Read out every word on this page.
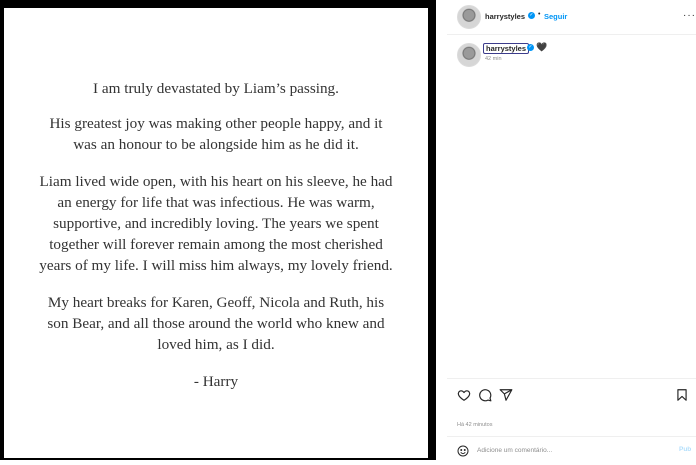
I am truly devastated by Liam’s passing.

His greatest joy was making other people happy, and it
was an honour to be alongside him as he did it.

Liam lived wide open, with his heart on his sleeve, he had
an energy for life that was infectious. He was warm,
supportive, and incredibly loving. The years we spent
together will forever remain among the most cherished
years of my life. I will miss him always, my lovely friend.

My heart breaks for Karen, Geoff, Nicola and Ruth, his
son Bear, and all those around the world who knew and
loved him, as I did.

- Harry

harrystyles ✓ • Seguir	···
harrystyles ✓ 🖤
42 min
Há 42 minutos
Adicione um comentário...
Pub
